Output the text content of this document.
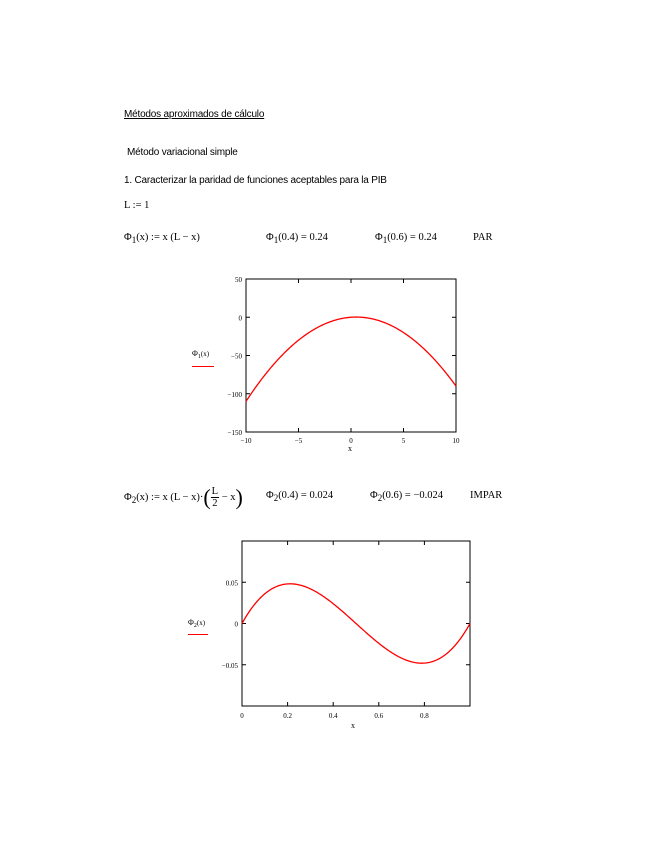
Métodos aproximados de cálculo
Método variacional simple
1. Caracterizar la paridad de funciones aceptables para la PIB
L := 1
Φ1(x) := x (L − x)	Φ1(0.4) = 0.24	Φ1(0.6) = 0.24	PAR
50
0
−50
−100
−150
−10	−5	0	5	10
x
$\Phi_1(x)$
Φ2(x) := x $(L - x)\cdot( \frac{L}{2} - x)$ Φ2(0.4) = 0.024	Φ2(0.6) = −0.024	IMPAR
0.05
0
−0.05
0	0.2	0.4	0.6	0.8
x
$\Phi_2(x)$
